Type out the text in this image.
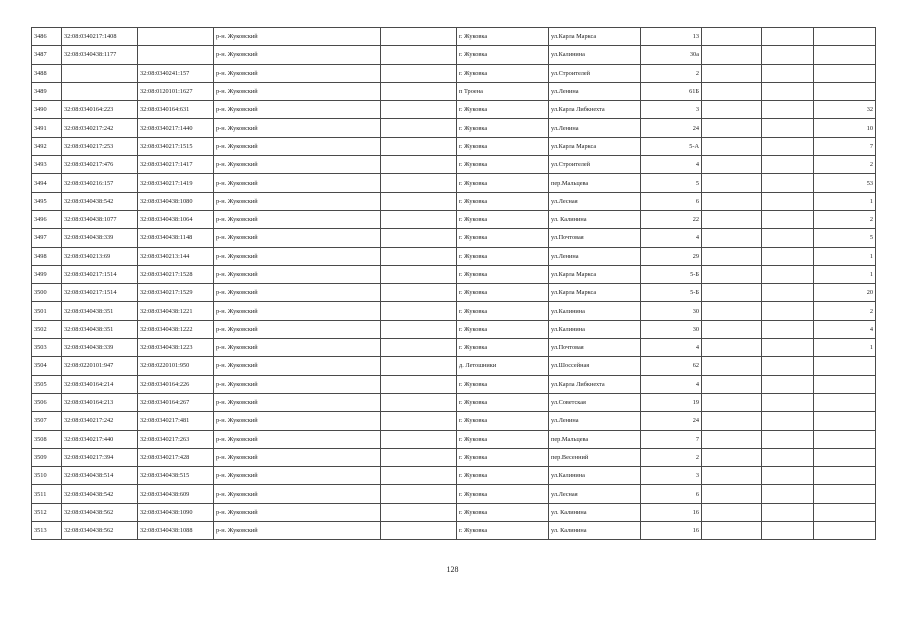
3486	32:08:0340217:1408		р-н. Жуковский		г. Жуковка	ул.Карла Маркса	13			
3487	32:08:0340438:1177		р-н. Жуковский		г. Жуковка	ул.Калинина	30а			
3488		32:08:0340241:157	р-н. Жуковский		г. Жуковка	ул.Строителей	2			
3489		32:08:0120101:1627	р-н. Жуковский		п Троена	ул.Ленина	61Б			
3490	32:08:0340164:223	32:08:0340164:631	р-н. Жуковский		г. Жуковка	ул.Карла Либкнехта	3			32
3491	32:08:0340217:242	32:08:0340217:1440	р-н. Жуковский		г. Жуковка	ул.Ленина	24			10
3492	32:08:0340217:253	32:08:0340217:1515	р-н. Жуковский		г. Жуковка	ул.Карла Маркса	5-А			7
3493	32:08:0340217:476	32:08:0340217:1417	р-н. Жуковский		г. Жуковка	ул.Строителей	4			2
3494	32:08:0340216:157	32:08:0340217:1419	р-н. Жуковский		г. Жуковка	пер.Мальцева	5			53
3495	32:08:0340438:542	32:08:0340438:1080	р-н. Жуковский		г. Жуковка	ул.Лесная	6			1
3496	32:08:0340438:1077	32:08:0340438:1064	р-н. Жуковский		г. Жуковка	ул. Калинина	22			2
3497	32:08:0340438:339	32:08:0340438:1148	р-н. Жуковский		г. Жуковка	ул.Почтовая	4			5
3498	32:08:0340213:69	32:08:0340213:144	р-н. Жуковский		г. Жуковка	ул.Ленина	29			1
3499	32:08:0340217:1514	32:08:0340217:1528	р-н. Жуковский		г. Жуковка	ул.Карла Маркса	5-Б			1
3500	32:08:0340217:1514	32:08:0340217:1529	р-н. Жуковский		г. Жуковка	ул.Карла Маркса	5-Б			20
3501	32:08:0340438:351	32:08:0340438:1221	р-н. Жуковский		г. Жуковка	ул.Калинина	30			2
3502	32:08:0340438:351	32:08:0340438:1222	р-н. Жуковский		г. Жуковка	ул.Калинина	30			4
3503	32:08:0340438:339	32:08:0340438:1223	р-н. Жуковский		г. Жуковка	ул.Почтовая	4			1
3504	32:08:0220101:947	32:08:0220101:950	р-н. Жуковский		д. Летошники	ул.Шоссейная	62			
3505	32:08:0340164:214	32:08:0340164:226	р-н. Жуковский		г. Жуковка	ул.Карла Либкнехта	4			
3506	32:08:0340164:213	32:08:0340164:267	р-н. Жуковский		г. Жуковка	ул.Советская	19			
3507	32:08:0340217:242	32:08:0340217:481	р-н. Жуковский		г. Жуковка	ул.Ленина	24			
3508	32:08:0340217:440	32:08:0340217:263	р-н. Жуковский		г. Жуковка	пер.Мальцева	7			
3509	32:08:0340217:394	32:08:0340217:428	р-н. Жуковский		г. Жуковка	пер.Весенний	2			
3510	32:08:0340438:514	32:08:0340438:515	р-н. Жуковский		г. Жуковка	ул.Калинина	3			
3511	32:08:0340438:542	32:08:0340438:609	р-н. Жуковский		г. Жуковка	ул.Лесная	6			
3512	32:08:0340438:562	32:08:0340438:1090	р-н. Жуковский		г. Жуковка	ул. Калинина	16			
3513	32:08:0340438:562	32:08:0340438:1088	р-н. Жуковский		г. Жуковка	ул. Калинина	16			
128
